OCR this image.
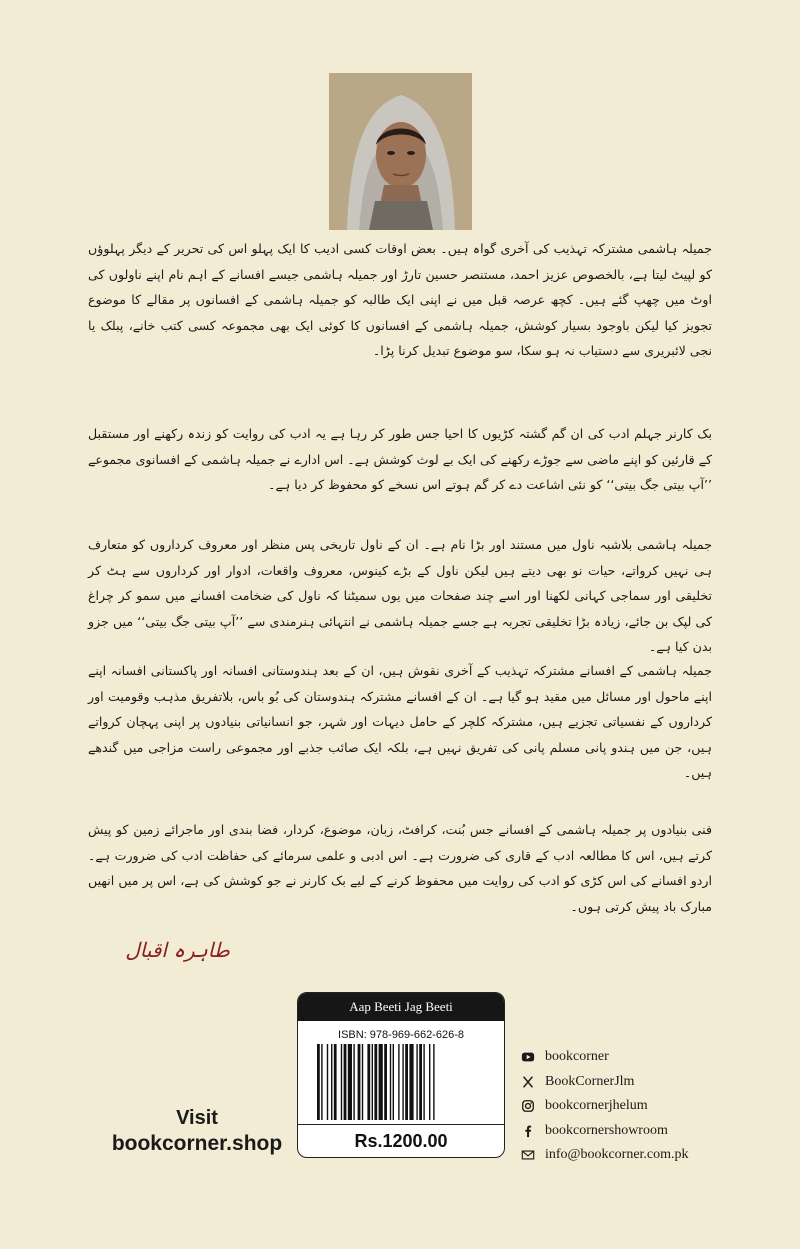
جمیلہ ہاشمی مشترکہ تہذیب کی آخری گواہ ہیں۔ بعض اوقات کسی ادیب کا ایک پہلو اس کی تحریر کے دیگر پہلوؤں کو لپیٹ لیتا ہے، بالخصوص عزیز احمد، مستنصر حسین تارڑ اور جمیلہ ہاشمی جیسے افسانے کے اہم نام اپنے ناولوں کی اوٹ میں چھپ گئے ہیں۔ کچھ عرصہ قبل میں نے اپنی ایک طالبہ کو جمیلہ ہاشمی کے افسانوں پر مقالے کا موضوع تجویز کیا لیکن باوجود بسیار کوشش، جمیلہ ہاشمی کے افسانوں کا کوئی ایک بھی مجموعہ کسی کتب خانے، پبلک یا نجی لائبریری سے دستیاب نہ ہو سکا، سو موضوع تبدیل کرنا پڑا۔
بک کارنر جہلم ادب کی ان گم گشتہ کڑیوں کا احیا جس طور کر رہا ہے یہ ادب کی روایت کو زندہ رکھنے اور مستقبل کے قارئین کو اپنے ماضی سے جوڑے رکھنے کی ایک بے لوث کوشش ہے۔ اس ادارے نے جمیلہ ہاشمی کے افسانوی مجموعے ’’آپ بیتی جگ بیتی‘‘ کو نئی اشاعت دے کر گم ہوتے اس نسخے کو محفوظ کر دیا ہے۔
جمیلہ ہاشمی بلاشبہ ناول میں مستند اور بڑا نام ہے۔ ان کے ناول تاریخی پس منظر اور معروف کرداروں کو متعارف ہی نہیں کرواتے، حیات نو بھی دیتے ہیں لیکن ناول کے بڑے کینوس، معروف واقعات، ادوار اور کرداروں سے ہٹ کر تخلیقی اور سماجی کہانی لکھنا اور اسے چند صفحات میں یوں سمیٹنا کہ ناول کی ضخامت افسانے میں سمو کر چراغ کی لپک بن جائے، زیادہ بڑا تخلیقی تجربہ ہے جسے جمیلہ ہاشمی نے انتہائی ہنرمندی سے ’’آپ بیتی جگ بیتی‘‘ میں جزو بدن کیا ہے۔
جمیلہ ہاشمی کے افسانے مشترکہ تہذیب کے آخری نقوش ہیں، ان کے بعد ہندوستانی افسانہ اور پاکستانی افسانہ اپنے اپنے ماحول اور مسائل میں مقید ہو گیا ہے۔ ان کے افسانے مشترکہ ہندوستان کی بُو باس، بلاتفریق مذہب وقومیت اور کرداروں کے نفسیاتی تجزیے ہیں، مشترکہ کلچر کے حامل دیہات اور شہر، جو انسانیاتی بنیادوں پر اپنی پہچان کرواتے ہیں، جن میں ہندو پانی مسلم پانی کی تفریق نہیں ہے، بلکہ ایک صائب جذبے اور مجموعی راست مزاجی میں گندھے ہیں۔
فنی بنیادوں پر جمیلہ ہاشمی کے افسانے جس بُنت، کرافٹ، زبان، موضوع، کردار، فضا بندی اور ماجرائے زمین کو پیش کرتے ہیں، اس کا مطالعہ ادب کے قاری کی ضرورت ہے۔ اس ادبی و علمی سرمائے کی حفاظت ادب کی ضرورت ہے۔ اردو افسانے کی اس کڑی کو ادب کی روایت میں محفوظ کرنے کے لیے بک کارنر نے جو کوشش کی ہے، اس پر میں انھیں مبارک باد پیش کرتی ہوں۔
طاہرہ اقبال
Visit
bookcorner.shop
Aap Beeti Jag Beeti
ISBN: 978-969-662-626-8
Rs.1200.00
bookcorner
BookCornerJlm
bookcornerjhelum
bookcornershowroom
info@bookcorner.com.pk
